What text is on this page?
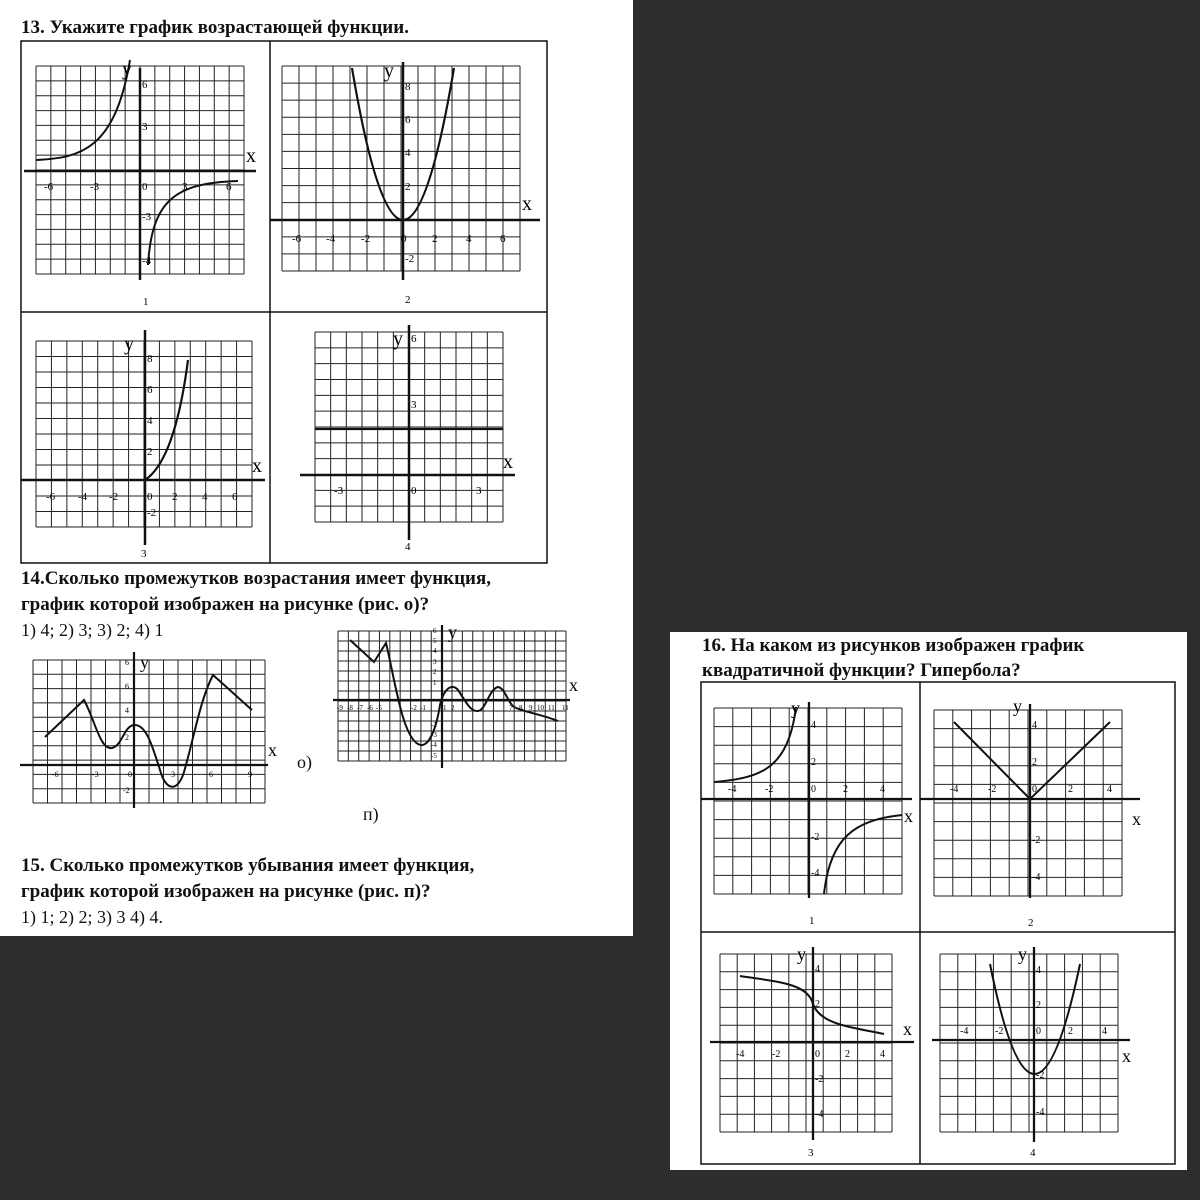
13. Укажите график возрастающей функции.
x
y
-6	-3	0	3	6
3
6
-3
-4
1
x
y
-6 -4 -2	0 2	4	6
8
6
4
2
-2
2
x
y
-6 -4 -2	0 2 4 6
8
6
4
2
-2
3
x
y
-3	0	3
6
3
4
x
y
-6	-3	0	3	6	9
6
6
4
2
-2
x
y
-9 -8 -7 -6 -5	-2 -1 1 2	7 8 9 10 11 11
6
5
4
3
2
1
-2
-3
-4
-5
14.Сколько промежутков возрастания имеет функция,
график которой изображен на рисунке (рис. о)?
1) 4; 2) 3; 3) 2; 4) 1
о)
п)
15. Сколько промежутков убывания имеет функция,
график которой изображен на рисунке (рис. п)?
1) 1; 2) 2; 3) 3 4) 4.
16. На каком из рисунков изображен график
квадратичной функции? Гипербола?
x
y
-4	-2	0	2	4
4
2
-2
-4
1
x
y
-4	-2	0	2	4
4
2
-2
-4
2
x
y
-4	-2	0	2	4
4
2
-2
-4
3
x
y
-4	-2	0	2	4
4
2
-2
-4
4
